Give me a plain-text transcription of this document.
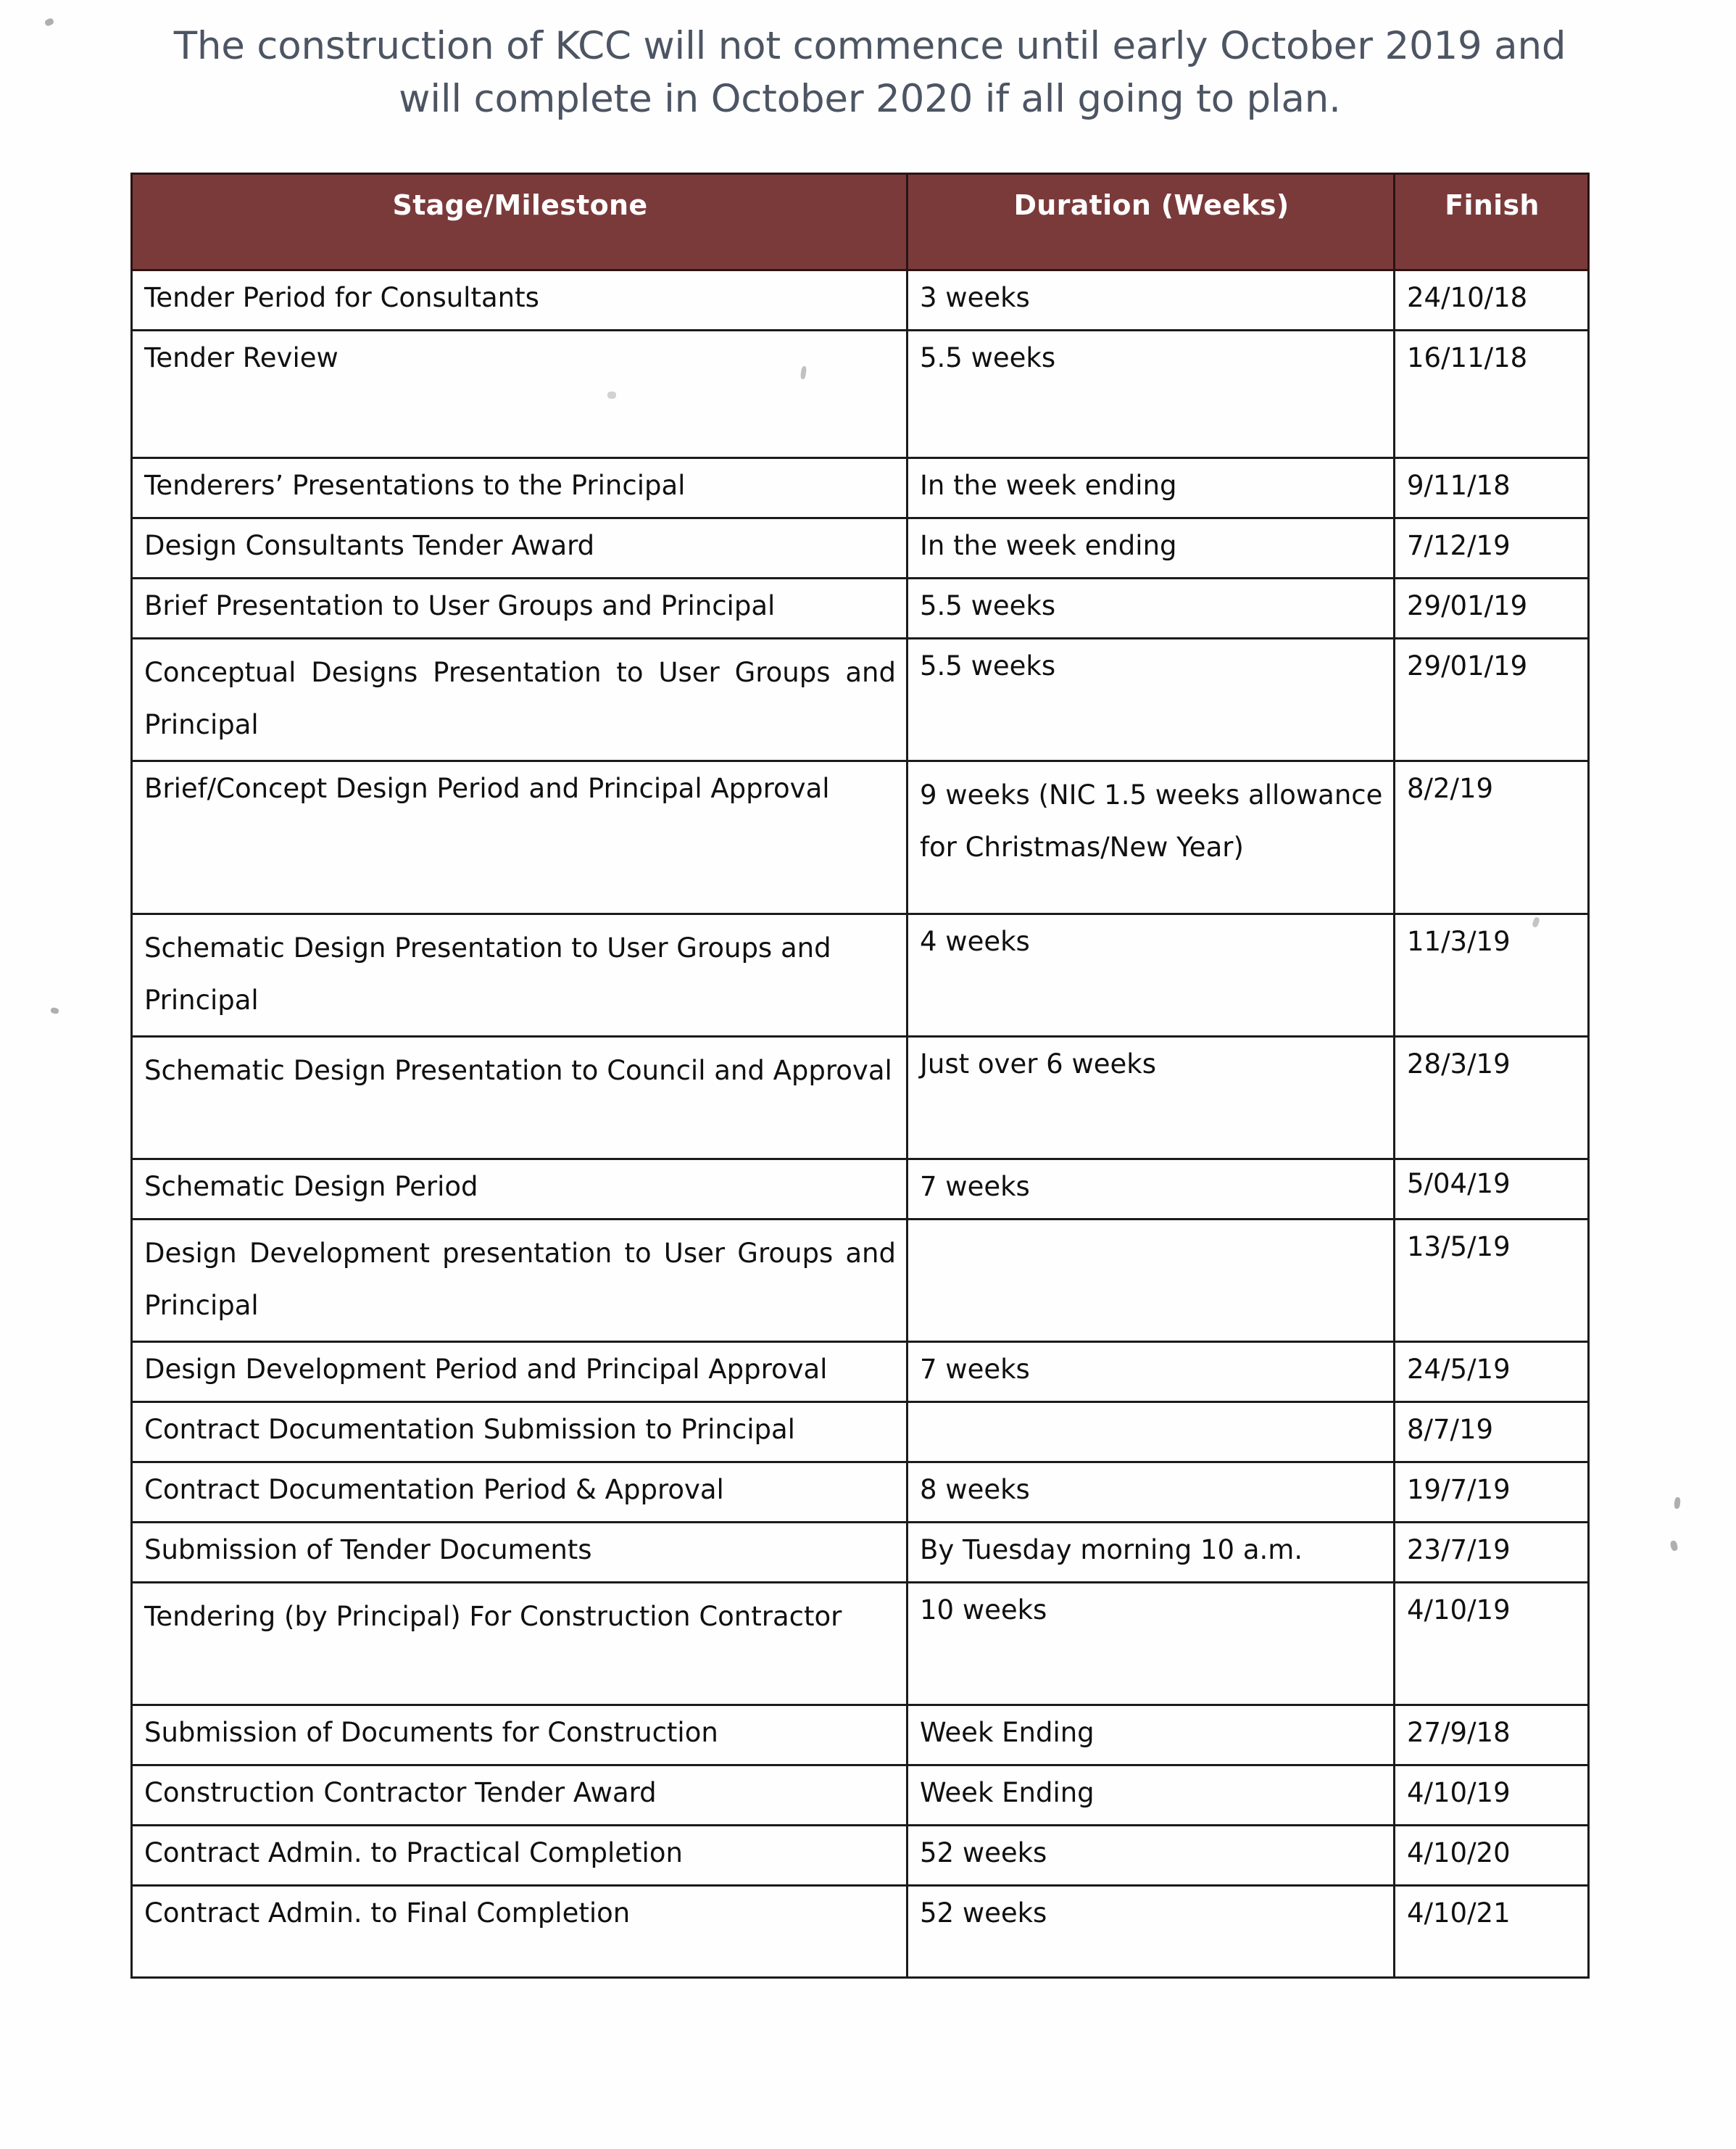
The construction of KCC will not commence until early October 2019 and
will complete in October 2020 if all going to plan.
Stage/Milestone	Duration (Weeks)	Finish

Tender Period for Consultants	3 weeks	24/10/18

Tender Review	5.5 weeks	16/11/18

Tenderers’ Presentations to the Principal	In the week ending	9/11/18

Design Consultants Tender Award	In the week ending	7/12/19

Brief Presentation to User Groups and Principal	5.5 weeks	29/01/19

Conceptual Designs Presentation to User Groups and Principal	5.5 weeks	29/01/19

Brief/Concept Design Period and Principal Approval	9 weeks (NIC 1.5 weeks allowance for Christmas/New Year)	8/2/19

Schematic Design Presentation to User Groups and Principal	4 weeks	11/3/19

Schematic Design Presentation to Council and Approval	Just over 6 weeks	28/3/19

Schematic Design Period	7 weeks	5/04/19

Design Development presentation to User Groups and Principal		13/5/19

Design Development Period and Principal Approval	7 weeks	24/5/19

Contract Documentation Submission to Principal		8/7/19

Contract Documentation Period & Approval	8 weeks	19/7/19

Submission of Tender Documents	By Tuesday morning 10 a.m.	23/7/19

Tendering (by Principal) For Construction Contractor	10 weeks	4/10/19

Submission of Documents for Construction	Week Ending	27/9/18

Construction Contractor Tender Award	Week Ending	4/10/19

Contract Admin. to Practical Completion	52 weeks	4/10/20

Contract Admin. to Final Completion	52 weeks	4/10/21
